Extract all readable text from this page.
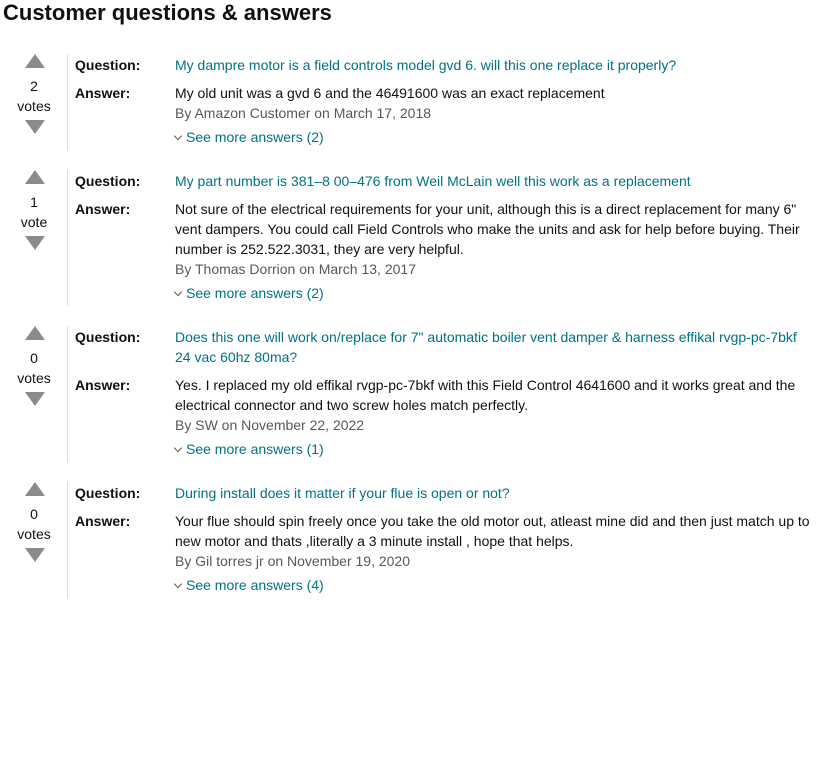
Customer questions & answers
2
votes
Question: My dampre motor is a field controls model gvd 6. will this one replace it properly?
Answer:	My old unit was a gvd 6 and the 46491600 was an exact replacement
By Amazon Customer on March 17, 2018
See more answers (2)
1
vote
Question: My part number is 381–8 00–476 from Weil McLain well this work as a replacement
Answer:	Not sure of the electrical requirements for your unit, although this is a direct replacement for many 6" vent dampers. You could call Field Controls who make the units and ask for help before buying. Their number is 252.522.3031, they are very helpful.
By Thomas Dorrion on March 13, 2017
See more answers (2)
0
votes
Question: Does this one will work on/replace for 7" automatic boiler vent damper & harness effikal rvgp-pc-7bkf 24 vac 60hz 80ma?
Answer:	Yes. I replaced my old effikal rvgp-pc-7bkf with this Field Control 4641600 and it works great and the electrical connector and two screw holes match perfectly.
By SW on November 22, 2022
See more answers (1)
0
votes
Question: During install does it matter if your flue is open or not?
Answer:	Your flue should spin freely once you take the old motor out, atleast mine did and then just match up to new motor and thats ,literally a 3 minute install , hope that helps.
By Gil torres jr on November 19, 2020
See more answers (4)
